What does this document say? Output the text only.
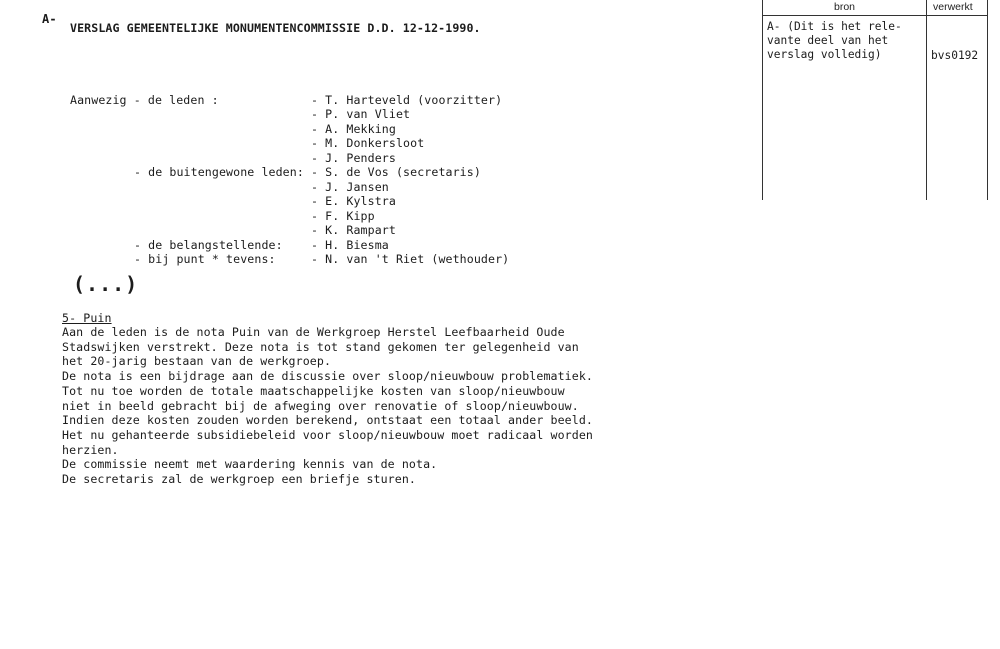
bron	verwerkt
A- (Dit is het rele-
vante deel van het
verslag volledig)	bvs0192
A-
VERSLAG GEMEENTELIJKE MONUMENTENCOMMISSIE D.D. 12-12-1990.
Aanwezig - de leden :	- T. Harteveld (voorzitter)
- P. van Vliet
- A. Mekking
- M. Donkersloot
- J. Penders
- de buitengewone leden: - S. de Vos (secretaris)
- J. Jansen
- E. Kylstra
- F. Kipp
- K. Rampart
- de belangstellende: - H. Biesma
- bij punt * tevens:	- N. van 't Riet (wethouder)
(...)
5- Puin
Aan de leden is de nota Puin van de Werkgroep Herstel Leefbaarheid Oude
Stadswijken verstrekt. Deze nota is tot stand gekomen ter gelegenheid van
het 20-jarig bestaan van de werkgroep.
De nota is een bijdrage aan de discussie over sloop/nieuwbouw problematiek.
Tot nu toe worden de totale maatschappelijke kosten van sloop/nieuwbouw
niet in beeld gebracht bij de afweging over renovatie of sloop/nieuwbouw.
Indien deze kosten zouden worden berekend, ontstaat een totaal ander beeld.
Het nu gehanteerde subsidiebeleid voor sloop/nieuwbouw moet radicaal worden
herzien.
De commissie neemt met waardering kennis van de nota.
De secretaris zal de werkgroep een briefje sturen.
